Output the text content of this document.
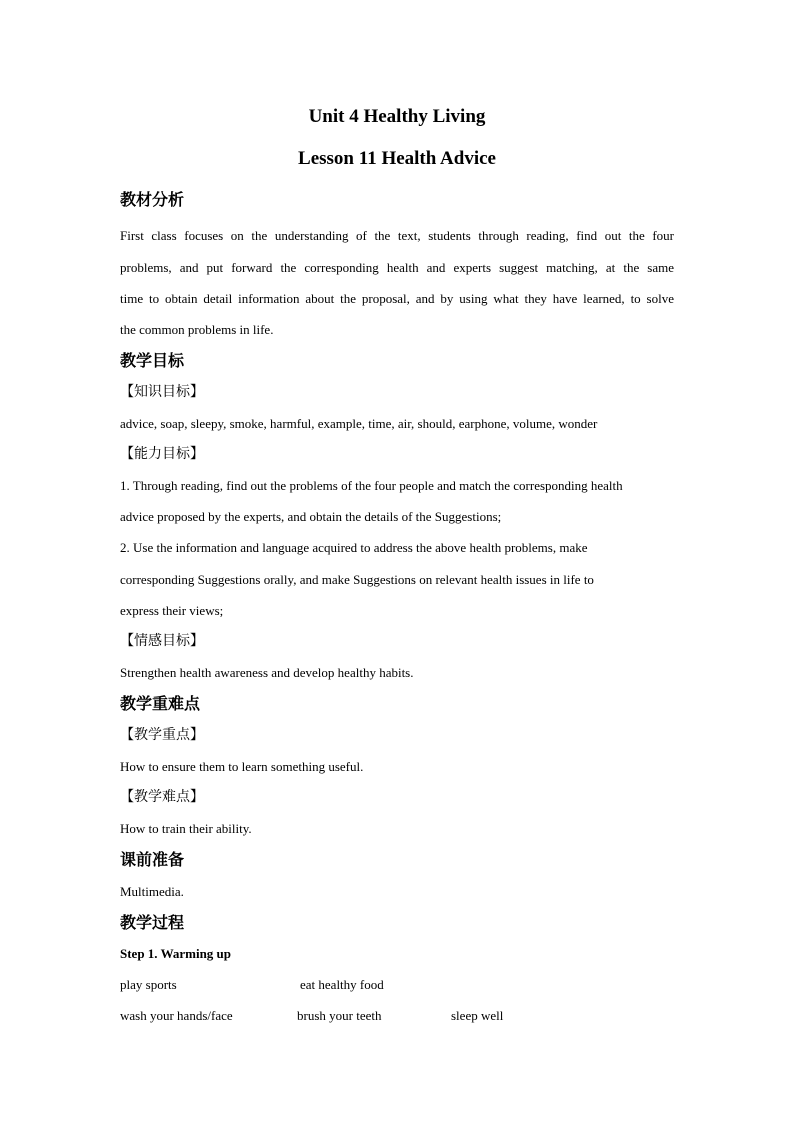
Unit 4 Healthy Living
Lesson 11 Health Advice
教材分析
First class focuses on the understanding of the text, students through reading, find out the four
problems, and put forward the corresponding health and experts suggest matching, at the same
time to obtain detail information about the proposal, and by using what they have learned, to solve
the common problems in life.
教学目标
【知识目标】
advice, soap, sleepy, smoke, harmful, example, time, air, should, earphone, volume, wonder
【能力目标】
1. Through reading, find out the problems of the four people and match the corresponding health
advice proposed by the experts, and obtain the details of the Suggestions;
2. Use the information and language acquired to address the above health problems, make
corresponding Suggestions orally, and make Suggestions on relevant health issues in life to
express their views;
【情感目标】
Strengthen health awareness and develop healthy habits.
教学重难点
【教学重点】
How to ensure them to learn something useful.
【教学难点】
How to train their ability.
课前准备
Multimedia.
教学过程
Step 1. Warming up
play sports	eat healthy food
wash your hands/face	brush your teeth	sleep well
